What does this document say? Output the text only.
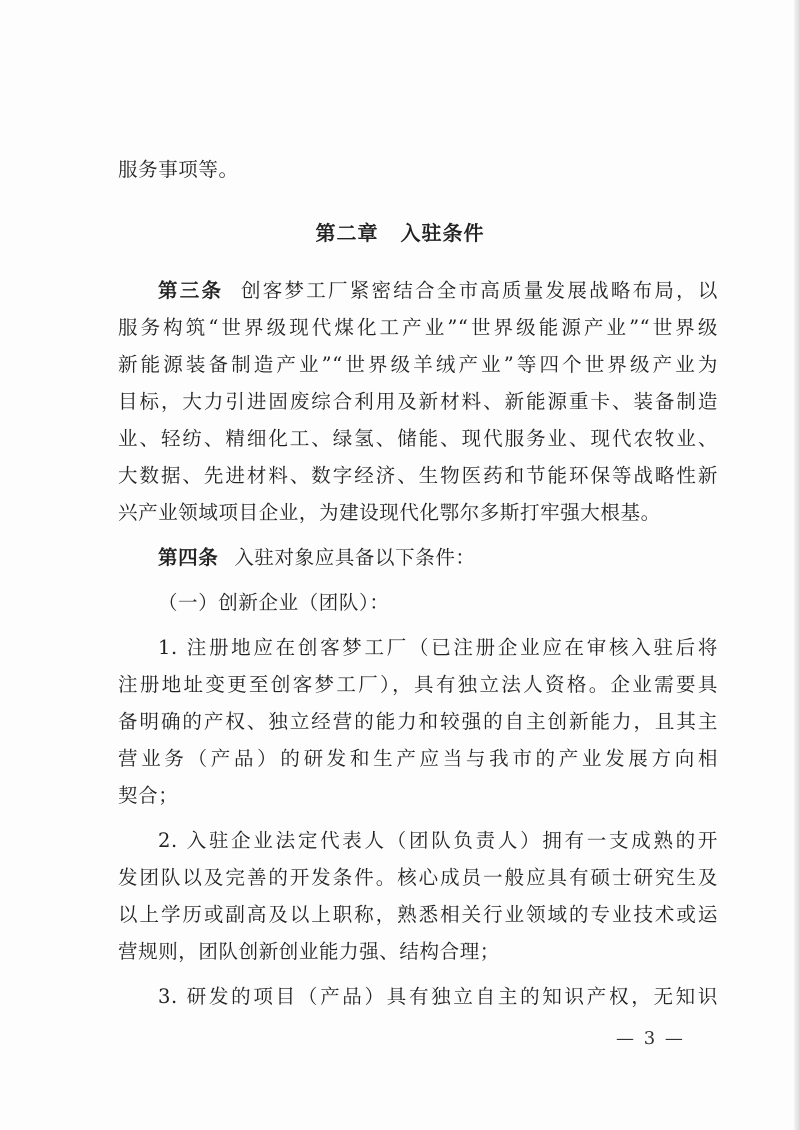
服务事项等。
第二章 入驻条件
第三条 创客梦工厂紧密结合全市高质量发展战略布局，以
服务构筑“世界级现代煤化工产业”“世界级能源产业”“世界级
新能源装备制造产业”“世界级羊绒产业”等四个世界级产业为
目标，大力引进固废综合利用及新材料、新能源重卡、装备制造
业、轻纺、精细化工、绿氢、储能、现代服务业、现代农牧业、
大数据、先进材料、数字经济、生物医药和节能环保等战略性新
兴产业领域项目企业，为建设现代化鄂尔多斯打牢强大根基。
第四条 入驻对象应具备以下条件：
（一）创新企业（团队）：
1. 注册地应在创客梦工厂（已注册企业应在审核入驻后将
注册地址变更至创客梦工厂），具有独立法人资格。企业需要具
备明确的产权、独立经营的能力和较强的自主创新能力，且其主
营业务（产品）的研发和生产应当与我市的产业发展方向相
契合；
2. 入驻企业法定代表人（团队负责人）拥有一支成熟的开
发团队以及完善的开发条件。核心成员一般应具有硕士研究生及
以上学历或副高及以上职称，熟悉相关行业领域的专业技术或运
营规则，团队创新创业能力强、结构合理；
3. 研发的项目（产品）具有独立自主的知识产权，无知识
— 3 —
